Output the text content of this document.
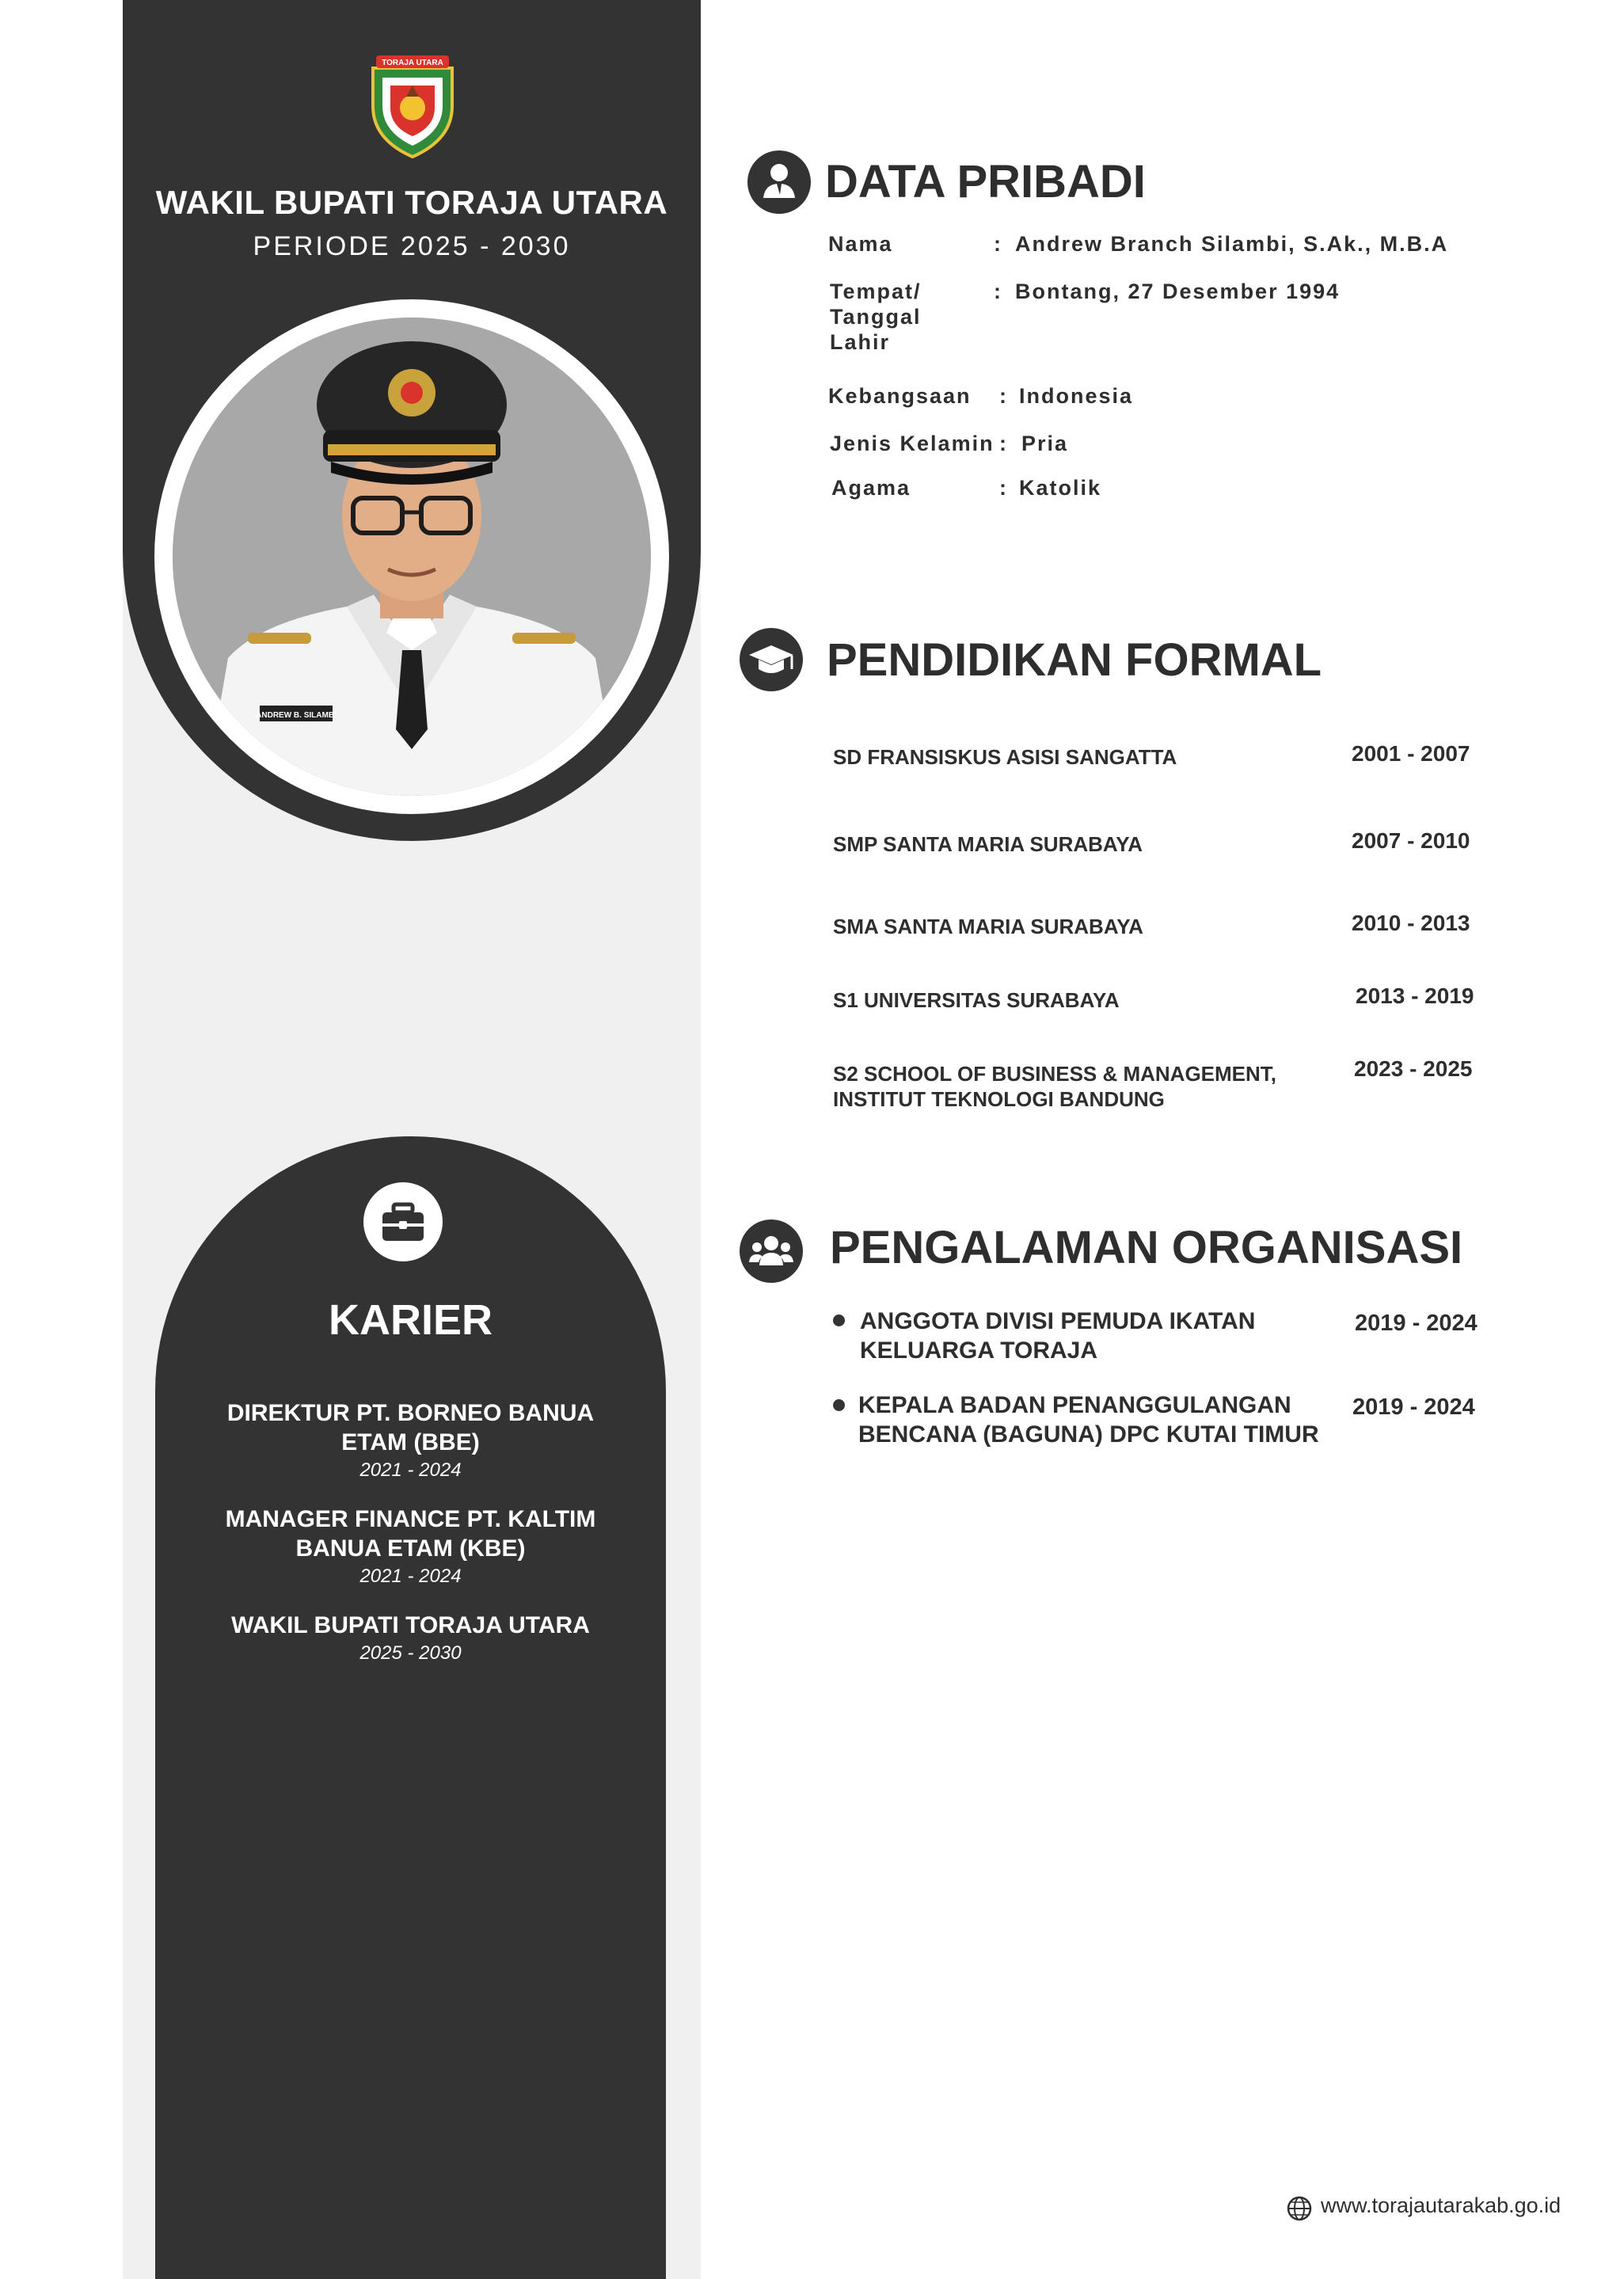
TORAJA UTARA
WAKIL BUPATI TORAJA UTARA
PERIODE 2025 - 2030
ANDREW B. SILAMBI
KARIER
DIREKTUR PT. BORNEO BANUA
ETAM (BBE)
2021 - 2024
MANAGER FINANCE PT. KALTIM
BANUA ETAM (KBE)
2021 - 2024
WAKIL BUPATI TORAJA UTARA
2025 - 2030
DATA PRIBADI
Nama	: Andrew Branch Silambi, S.Ak., M.B.A
Tempat/
Tanggal
Lahir
: Bontang, 27 Desember 1994
Kebangsaan : Indonesia
Jenis Kelamin : Pria
Agama	: Katolik
PENDIDIKAN FORMAL
SD FRANSISKUS ASISI SANGATTA	2001 - 2007
SMP SANTA MARIA SURABAYA	2007 - 2010
SMA SANTA MARIA SURABAYA	2010 - 2013
S1 UNIVERSITAS SURABAYA	2013 - 2019
S2 SCHOOL OF BUSINESS & MANAGEMENT,
INSTITUT TEKNOLOGI BANDUNG
2023 - 2025
PENGALAMAN ORGANISASI
ANGGOTA DIVISI PEMUDA IKATAN
KELUARGA TORAJA
2019 - 2024
KEPALA BADAN PENANGGULANGAN
BENCANA (BAGUNA) DPC KUTAI TIMUR
2019 - 2024
www.torajautarakab.go.id
